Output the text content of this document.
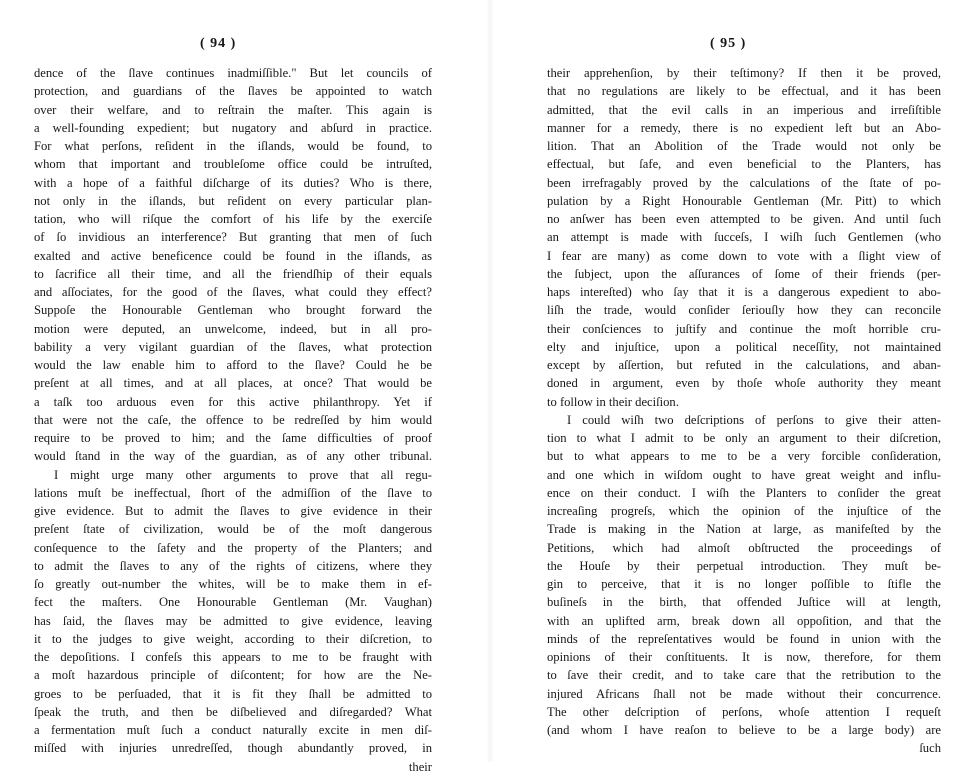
( 94 )
dence of the ſlave continues inadmiſſible." But let councils of
protection, and guardians of the ſlaves be appointed to watch
over their welfare, and to reſtrain the maſter. This again is
a well-founding expedient; but nugatory and abſurd in practice.
For what perſons, reſident in the iſlands, would be found, to
whom that important and troubleſome office could be intruſted,
with a hope of a faithful diſcharge of its duties? Who is there,
not only in the iſlands, but reſident on every particular plan-
tation, who will riſque the comfort of his life by the exerciſe
of ſo invidious an interference? But granting that men of ſuch
exalted and active beneficence could be found in the iſlands, as
to ſacrifice all their time, and all the friendſhip of their equals
and aſſociates, for the good of the ſlaves, what could they effect?
Suppoſe the Honourable Gentleman who brought forward the
motion were deputed, an unwelcome, indeed, but in all pro-
bability a very vigilant guardian of the ſlaves, what protection
would the law enable him to afford to the ſlave? Could he be
preſent at all times, and at all places, at once? That would be
a taſk too arduous even for this active philanthropy. Yet if
that were not the caſe, the offence to be redreſſed by him would
require to be proved to him; and the ſame difficulties of proof
would ſtand in the way of the guardian, as of any other tribunal.
I might urge many other arguments to prove that all regu-
lations muſt be ineffectual, ſhort of the admiſſion of the ſlave to
give evidence. But to admit the ſlaves to give evidence in their
preſent ſtate of civilization, would be of the moſt dangerous
conſequence to the ſafety and the property of the Planters; and
to admit the ſlaves to any of the rights of citizens, where they
ſo greatly out-number the whites, will be to make them in ef-
fect the maſters. One Honourable Gentleman (Mr. Vaughan)
has ſaid, the ſlaves may be admitted to give evidence, leaving
it to the judges to give weight, according to their diſcretion, to
the depoſitions. I confeſs this appears to me to be fraught with
a moſt hazardous principle of diſcontent; for how are the Ne-
groes to be perſuaded, that it is fit they ſhall be admitted to
ſpeak the truth, and then be diſbelieved and diſregarded? What
a fermentation muſt ſuch a conduct naturally excite in men diſ-
miſſed with injuries unredreſſed, though abundantly proved, in
their
( 95 )
their apprehenſion, by their teſtimony? If then it be proved,
that no regulations are likely to be effectual, and it has been
admitted, that the evil calls in an imperious and irreſiſtible
manner for a remedy, there is no expedient left but an Abo-
lition. That an Abolition of the Trade would not only be
effectual, but ſafe, and even beneficial to the Planters, has
been irrefragably proved by the calculations of the ſtate of po-
pulation by a Right Honourable Gentleman (Mr. Pitt) to which
no anſwer has been even attempted to be given. And until ſuch
an attempt is made with ſucceſs, I wiſh ſuch Gentlemen (who
I fear are many) as come down to vote with a ſlight view of
the ſubject, upon the aſſurances of ſome of their friends (per-
haps intereſted) who ſay that it is a dangerous expedient to abo-
liſh the trade, would conſider ſeriouſly how they can reconcile
their conſciences to juſtify and continue the moſt horrible cru-
elty and injuſtice, upon a political neceſſity, not maintained
except by aſſertion, but refuted in the calculations, and aban-
doned in argument, even by thoſe whoſe authority they meant
to follow in their deciſion.
I could wiſh two deſcriptions of perſons to give their atten-
tion to what I admit to be only an argument to their diſcretion,
but to what appears to me to be a very forcible conſideration,
and one which in wiſdom ought to have great weight and influ-
ence on their conduct. I wiſh the Planters to conſider the great
increaſing progreſs, which the opinion of the injuſtice of the
Trade is making in the Nation at large, as manifeſted by the
Petitions, which had almoſt obſtructed the proceedings of
the Houſe by their perpetual introduction. They muſt be-
gin to perceive, that it is no longer poſſible to ſtifle the
buſineſs in the birth, that offended Juſtice will at length,
with an uplifted arm, break down all oppoſition, and that the
minds of the repreſentatives would be found in union with the
opinions of their conſtituents. It is now, therefore, for them
to ſave their credit, and to take care that the retribution to the
injured Africans ſhall not be made without their concurrence.
The other deſcription of perſons, whoſe attention I requeſt
(and whom I have reaſon to believe to be a large body) are
ſuch
